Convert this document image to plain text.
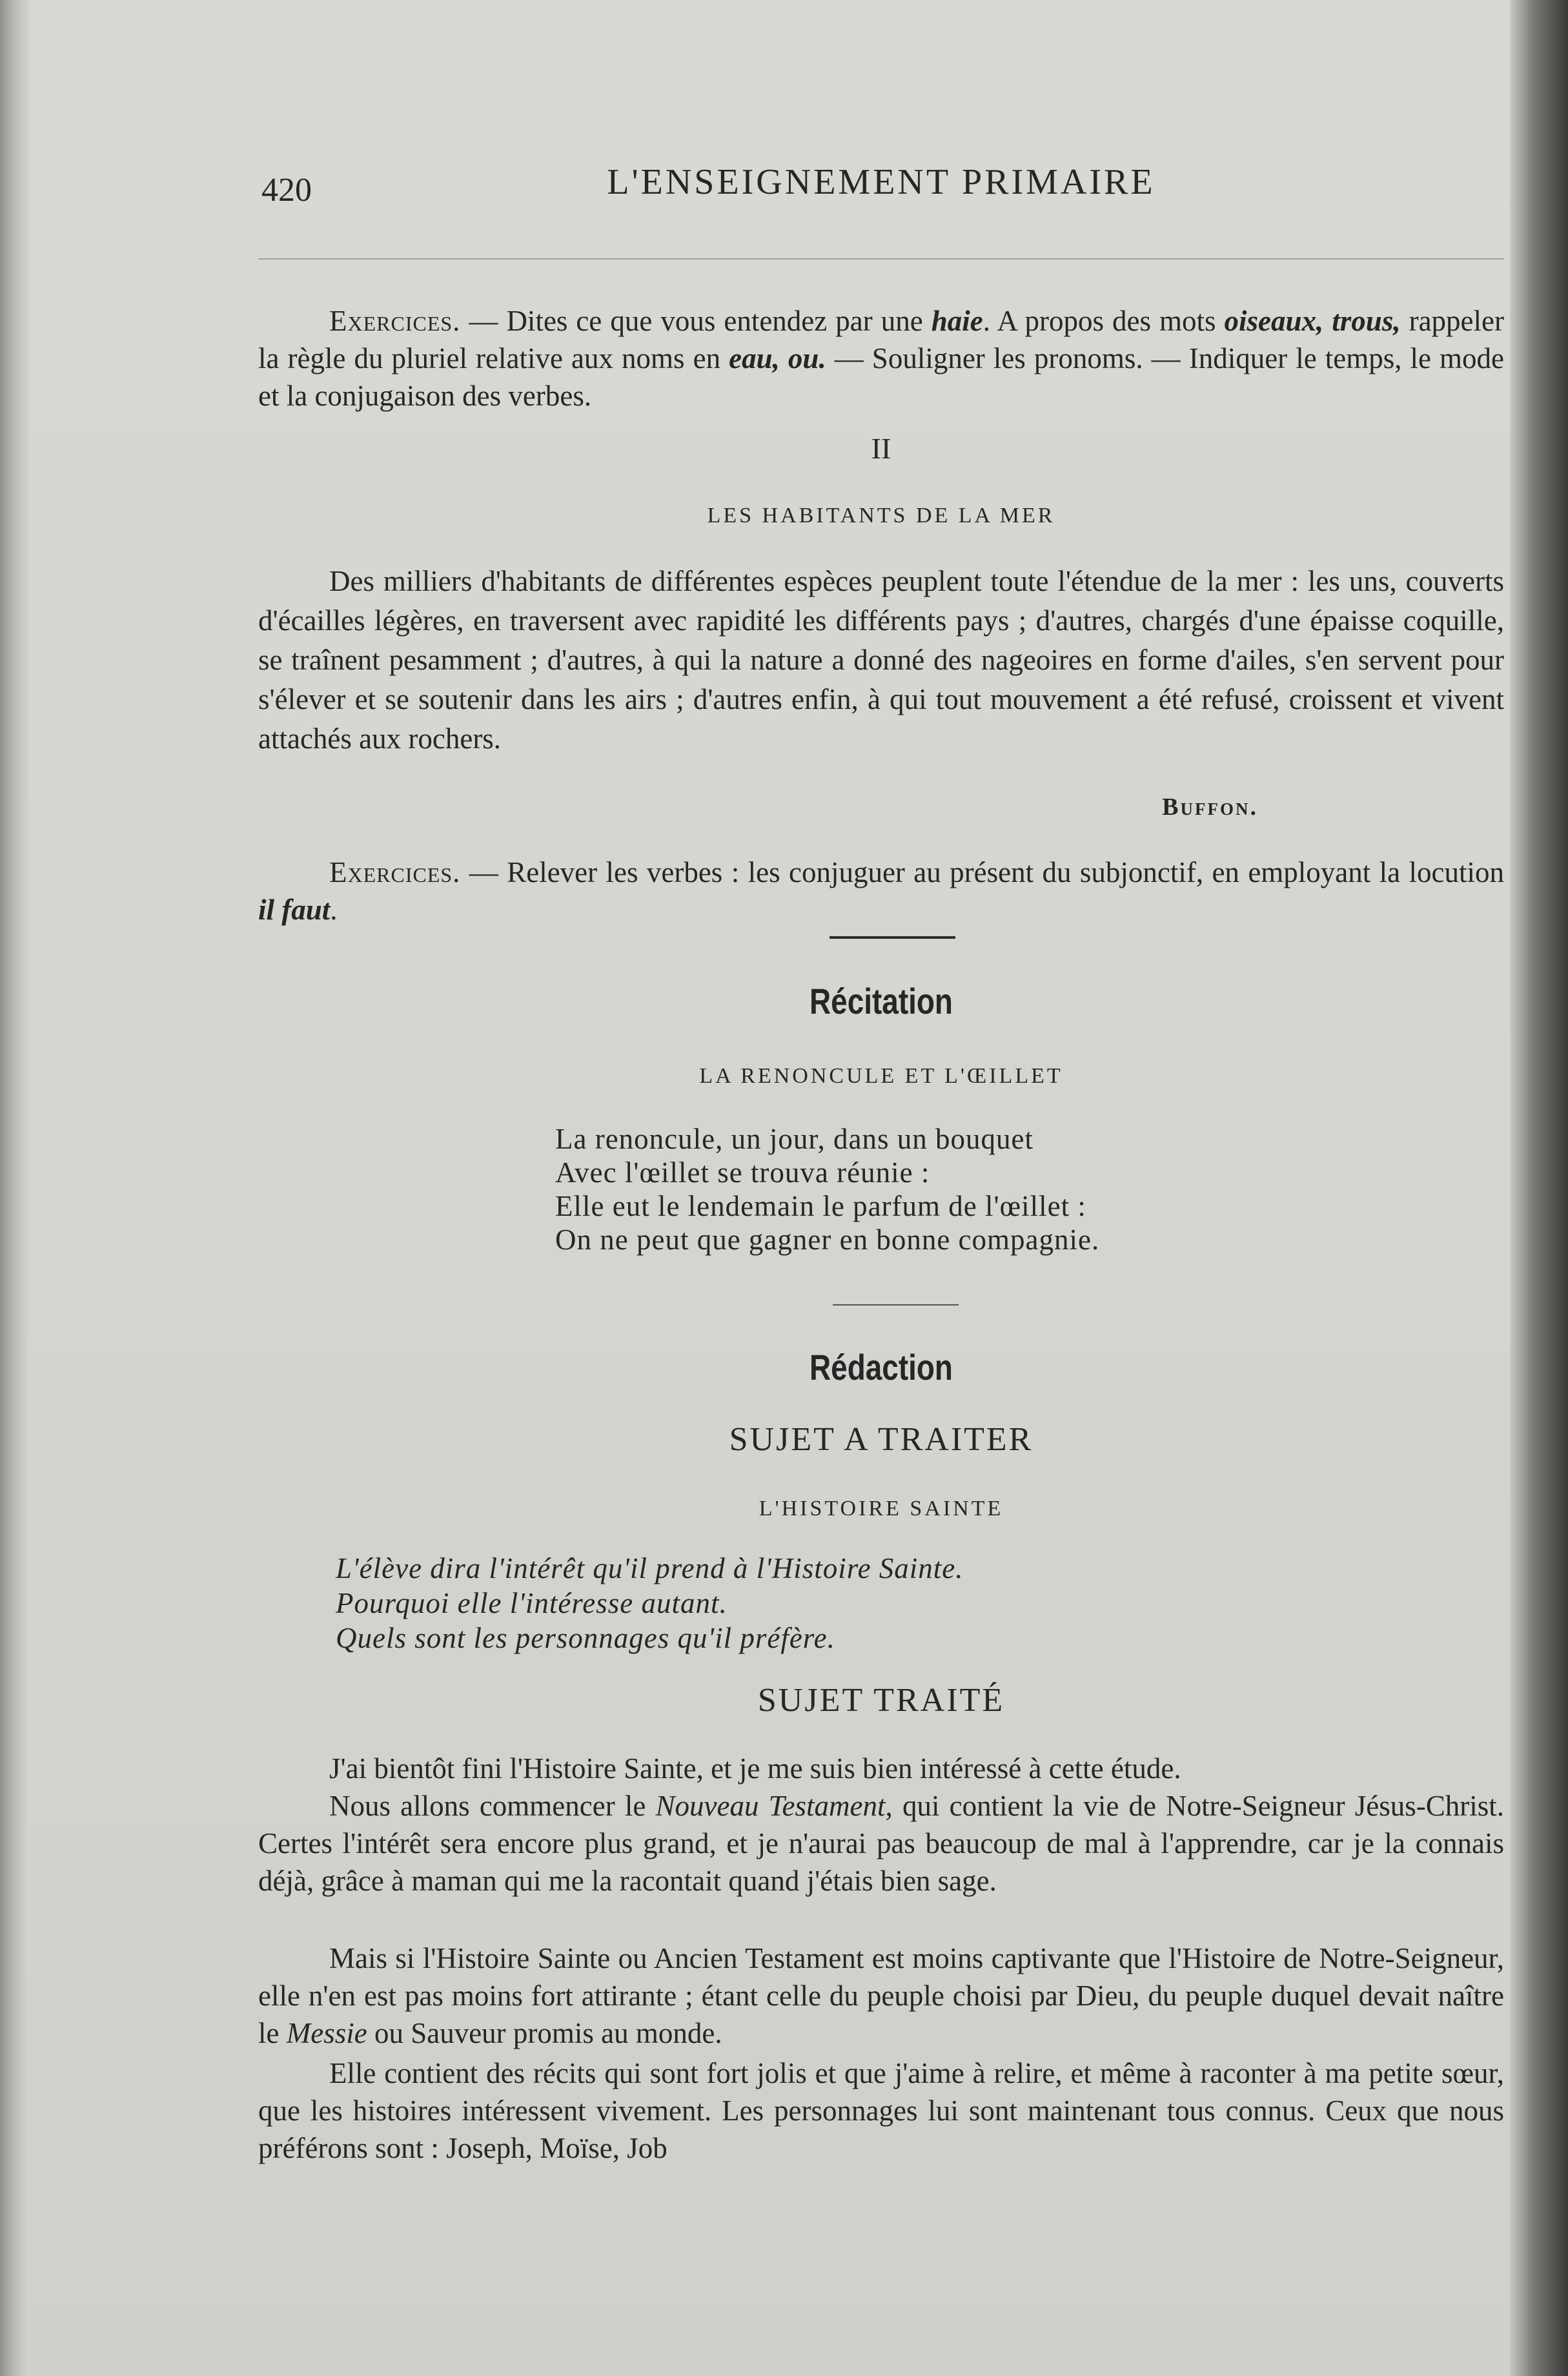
420	L'ENSEIGNEMENT PRIMAIRE

Exercices. — Dites ce que vous entendez par une haie. A propos des mots oiseaux, trous, rappeler la règle du pluriel relative aux noms en eau, ou. — Souligner les pronoms. — Indiquer le temps, le mode et la conjugaison des verbes.

II
LES HABITANTS DE LA MER

Des milliers d'habitants de différentes espèces peuplent toute l'étendue de la mer : les uns, couverts d'écailles légères, en traversent avec rapidité les différents pays ; d'autres, chargés d'une épaisse coquille, se traînent pesamment ; d'autres, à qui la nature a donné des nageoires en forme d'ailes, s'en servent pour s'élever et se soutenir dans les airs ; d'autres enfin, à qui tout mouvement a été refusé, croissent et vivent attachés aux rochers.

Buffon.

Exercices. — Relever les verbes : les conjuguer au présent du subjonctif, en employant la locution il faut.

Récitation
LA RENONCULE ET L'ŒILLET
La renoncule, un jour, dans un bouquet
Avec l'œillet se trouva réunie :
Elle eut le lendemain le parfum de l'œillet :
On ne peut que gagner en bonne compagnie.
Rédaction
SUJET A TRAITER
L'HISTOIRE SAINTE
L'élève dira l'intérêt qu'il prend à l'Histoire Sainte.
Pourquoi elle l'intéresse autant.
Quels sont les personnages qu'il préfère.
SUJET TRAITÉ

J'ai bientôt fini l'Histoire Sainte, et je me suis bien intéressé à cette étude.

Nous allons commencer le Nouveau Testament, qui contient la vie de Notre-Seigneur Jésus-Christ. Certes l'intérêt sera encore plus grand, et je n'aurai pas beaucoup de mal à l'apprendre, car je la connais déjà, grâce à maman qui me la racontait quand j'étais bien sage.

Mais si l'Histoire Sainte ou Ancien Testament est moins captivante que l'Histoire de Notre-Seigneur, elle n'en est pas moins fort attirante ; étant celle du peuple choisi par Dieu, du peuple duquel devait naître le Messie ou Sauveur promis au monde.

Elle contient des récits qui sont fort jolis et que j'aime à relire, et même à raconter à ma petite sœur, que les histoires intéressent vivement. Les personnages lui sont maintenant tous connus. Ceux que nous préférons sont : Joseph, Moïse, Job
